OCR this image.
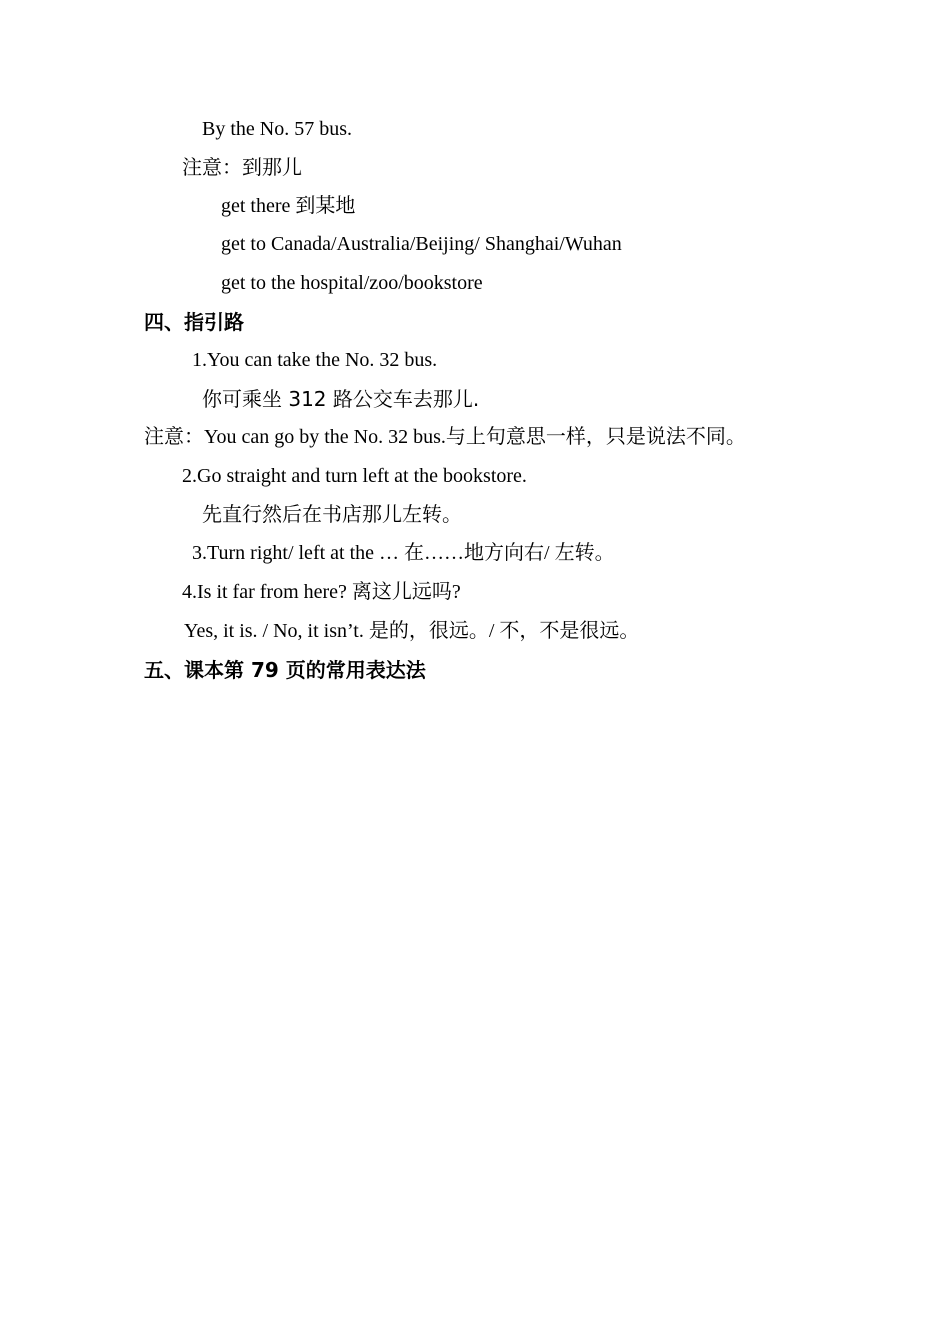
By the No. 57 bus.
注意：到那儿
get there 到某地
get to Canada/Australia/Beijing/ Shanghai/Wuhan
get to the hospital/zoo/bookstore
四、指引路
1.You can take the No. 32 bus.
你可乘坐 312 路公交车去那儿.
注意：You can go by the No. 32 bus.与上句意思一样，只是说法不同。
2.Go straight and turn left at the bookstore.
先直行然后在书店那儿左转。
3.Turn right/ left at the … 在……地方向右/ 左转。
4.Is it far from here? 离这儿远吗?
Yes, it is. / No, it isn’t. 是的，很远。/ 不，不是很远。
五、课本第 79 页的常用表达法
